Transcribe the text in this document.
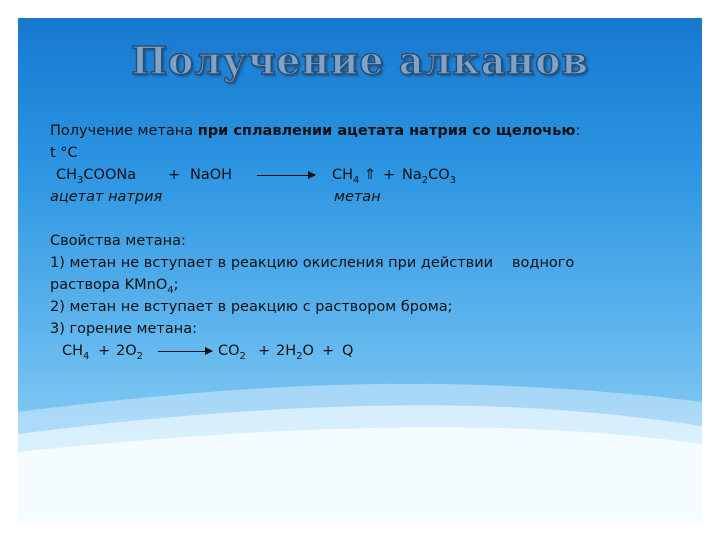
Получение алканов
Получение метана при сплавлении ацетата натрия со щелочью:
t °C
$CH_3COONa$ + NaOH → $CH_4$ ⇑ + $Na_2CO_3$
ацетат натрия	метан
Свойства метана:
1) метан не вступает в реакцию окисления при действии водного
раствора KMnO$_4$;
2) метан не вступает в реакцию с раствором брома;
3) горение метана:
$CH_4 + 2O_2 \to CO_2 + 2H_2O + Q$
